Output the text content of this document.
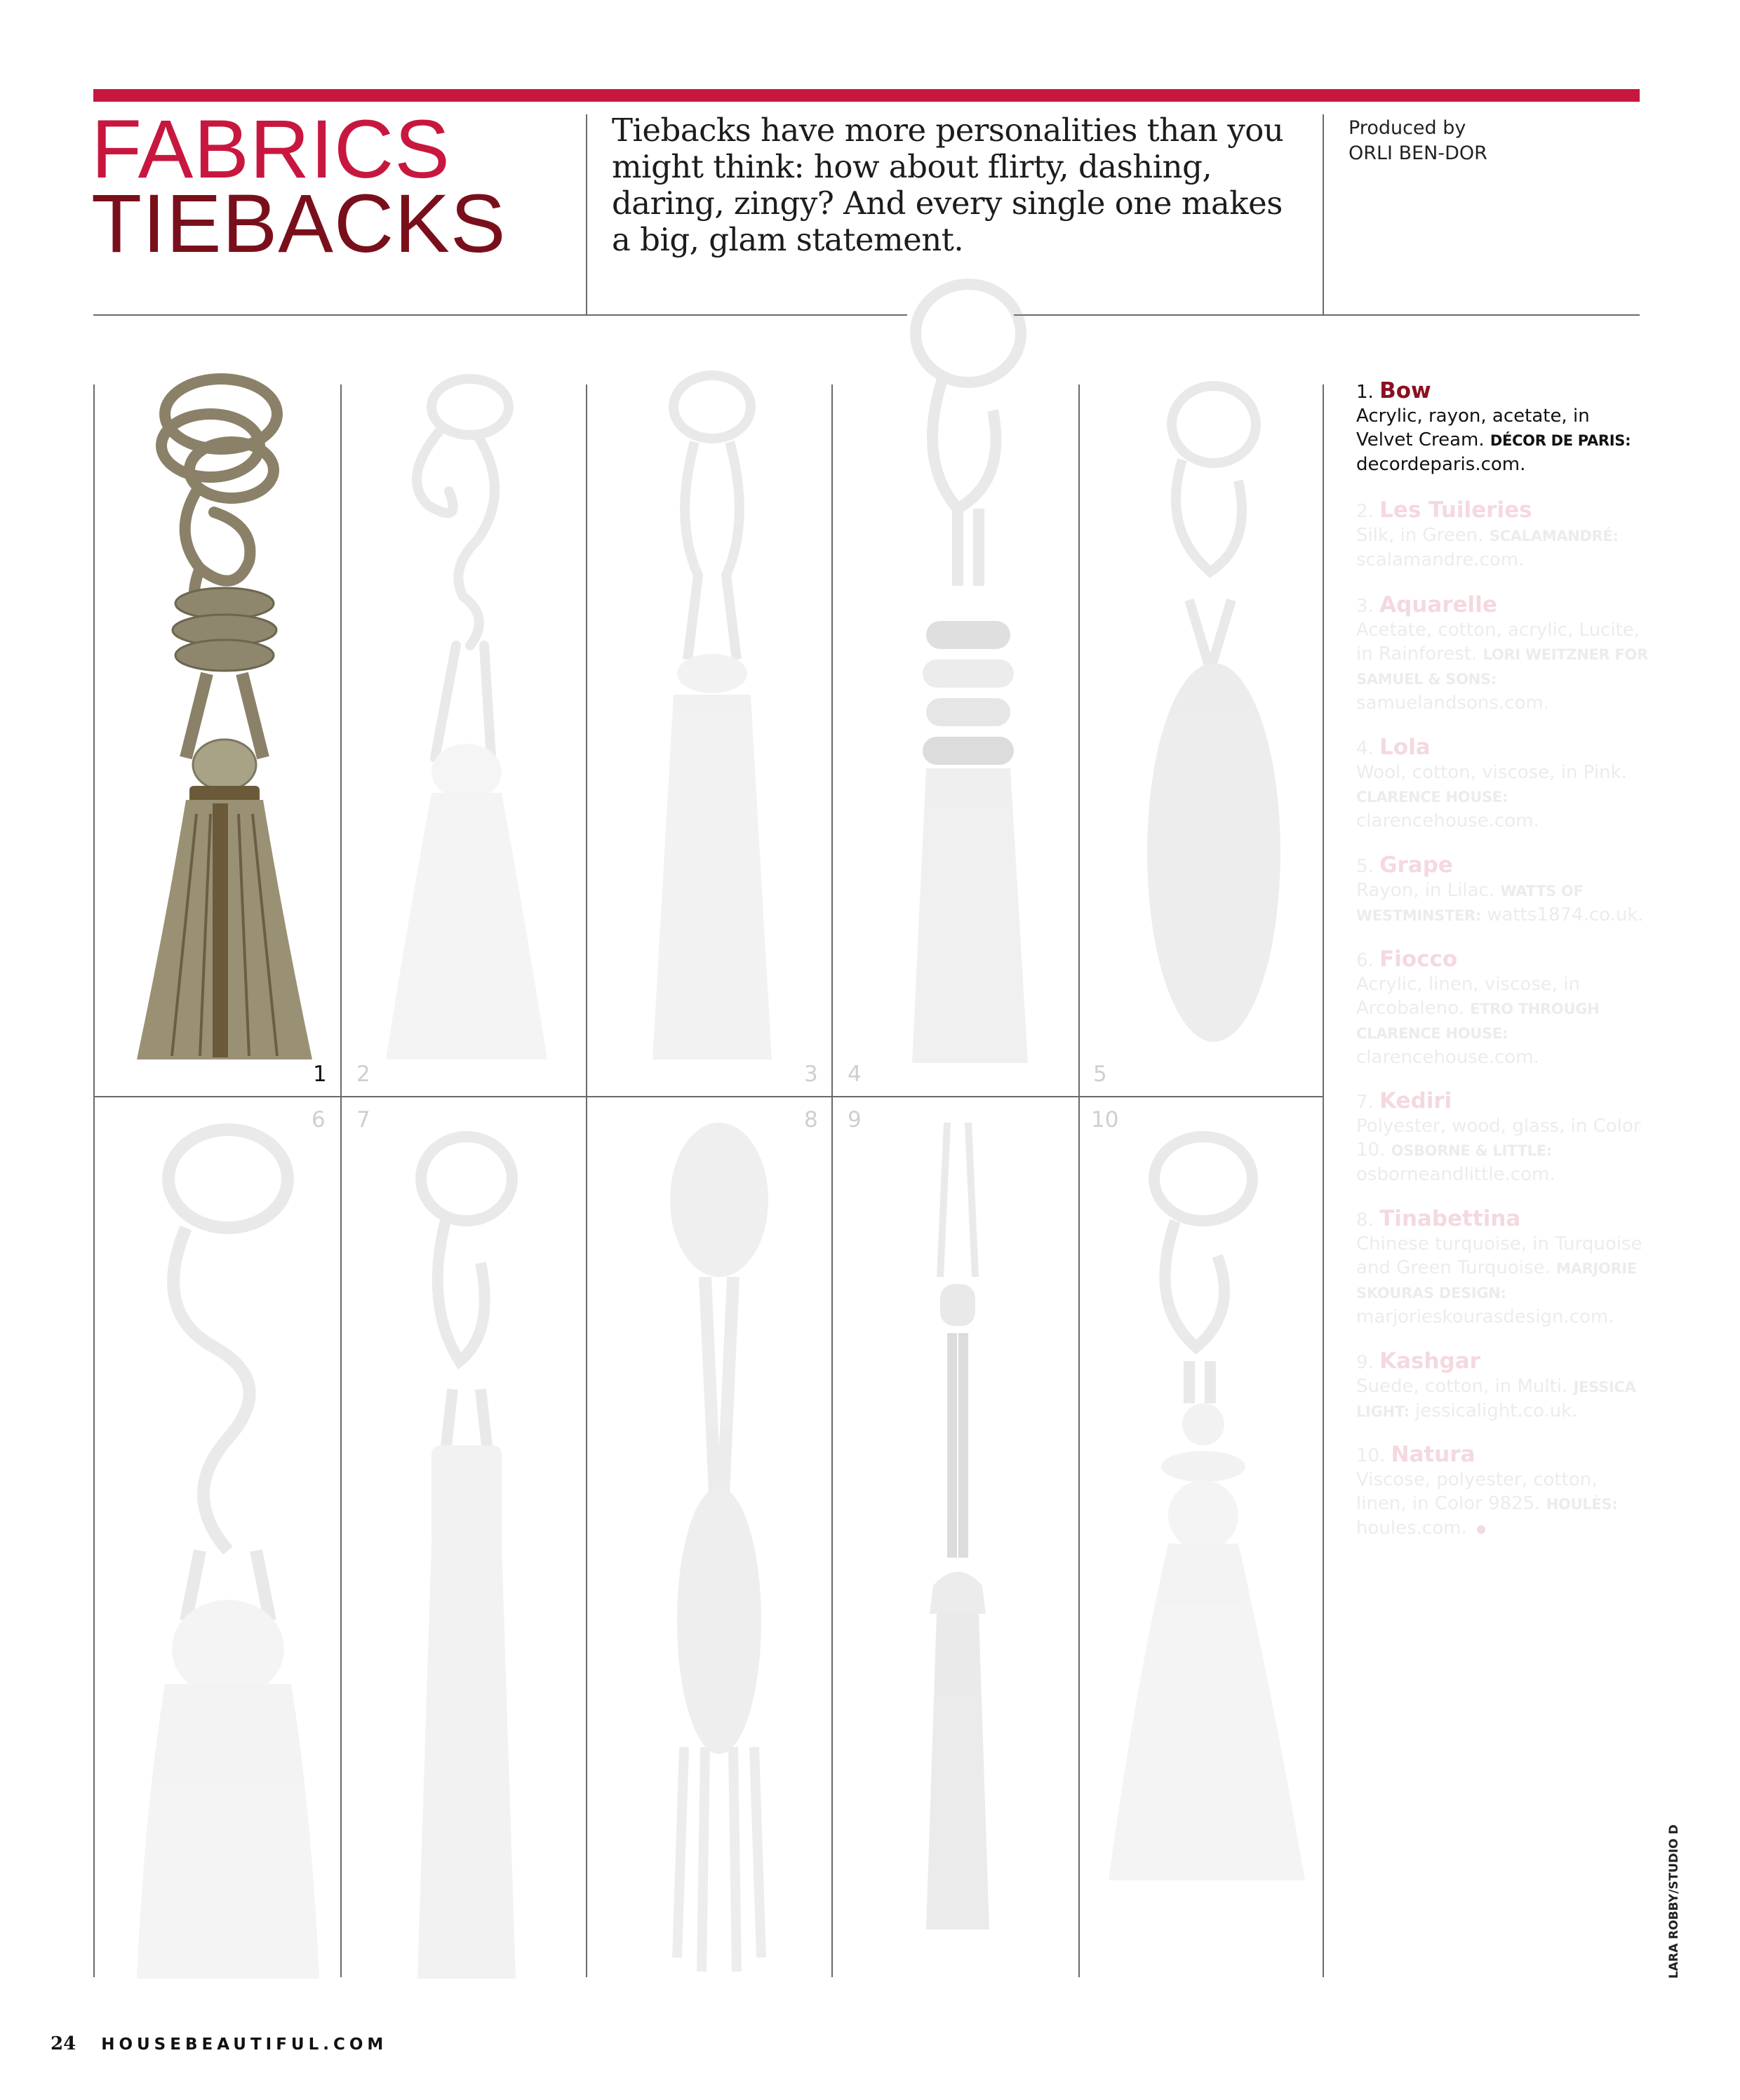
FABRICS
TIEBACKS
Tiebacks have more personalities than you might think: how about flirty, dashing, daring, zingy? And every single one makes a big, glam statement.
Produced by
ORLI BEN-DOR
1 2	3 4	5
6 7	8 9	10
1. Bow
Acrylic, rayon, acetate, in Velvet Cream. DÉCOR DE PARIS: decordeparis.com.
2. Les Tuileries
Silk, in Green. SCALAMANDRÉ: scalamandre.com.
3. Aquarelle
Acetate, cotton, acrylic, Lucite, in Rainforest. LORI WEITZNER FOR SAMUEL & SONS: samuelandsons.com.
4. Lola
Wool, cotton, viscose, in Pink. CLARENCE HOUSE: clarencehouse.com.
5. Grape
Rayon, in Lilac. WATTS OF WESTMINSTER: watts1874.co.uk.
6. Fiocco
Acrylic, linen, viscose, in Arcobaleno. ETRO THROUGH CLARENCE HOUSE: clarencehouse.com.
7. Kediri
Polyester, wood, glass, in Color 10. OSBORNE & LITTLE: osborneandlittle.com.
8. Tinabettina
Chinese turquoise, in Turquoise and Green Turquoise. MARJORIE SKOURAS DESIGN: marjorieskourasdesign.com.
9. Kashgar
Suede, cotton, in Multi. JESSICA LIGHT: jessicalight.co.uk.
10. Natura
Viscose, polyester, cotton, linen, in Color 9825. HOULÈS: houles.com.
LARA ROBBY/STUDIO D
24 HOUSEBEAUTIFUL.COM
